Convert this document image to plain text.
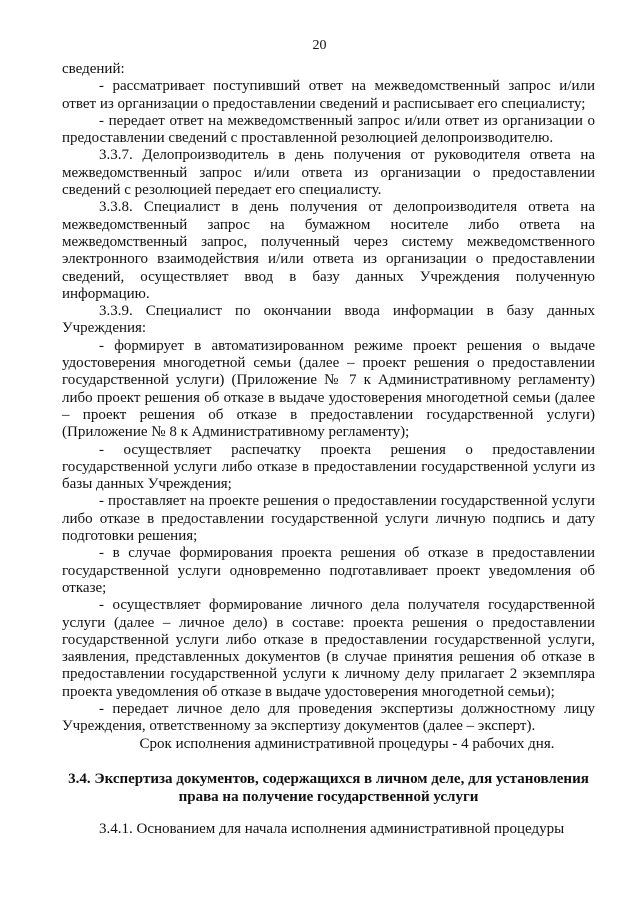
20

сведений:

- рассматривает поступивший ответ на межведомственный запрос и/или ответ из организации о предоставлении сведений и расписывает его специалисту;

- передает ответ на межведомственный запрос и/или ответ из организации о предоставлении сведений с проставленной резолюцией делопроизводителю.

3.3.7. Делопроизводитель в день получения от руководителя ответа на межведомственный запрос и/или ответа из организации о предоставлении сведений с резолюцией передает его специалисту.

3.3.8. Специалист в день получения от делопроизводителя ответа на межведомственный запрос на бумажном носителе либо ответа на межведомственный запрос, полученный через систему межведомственного электронного взаимодействия и/или ответа из организации о предоставлении сведений, осуществляет ввод в базу данных Учреждения полученную информацию.

3.3.9. Специалист по окончании ввода информации в базу данных Учреждения:

- формирует в автоматизированном режиме проект решения о выдаче удостоверения многодетной семьи (далее – проект решения о предоставлении государственной услуги) (Приложение № 7 к Административному регламенту) либо проект решения об отказе в выдаче удостоверения многодетной семьи (далее – проект решения об отказе в предоставлении государственной услуги) (Приложение № 8 к Административному регламенту);

- осуществляет распечатку проекта решения о предоставлении государственной услуги либо отказе в предоставлении государственной услуги из базы данных Учреждения;

- проставляет на проекте решения о предоставлении государственной услуги либо отказе в предоставлении государственной услуги личную подпись и дату подготовки решения;

- в случае формирования проекта решения об отказе в предоставлении государственной услуги одновременно подготавливает проект уведомления об отказе;

- осуществляет формирование личного дела получателя государственной услуги (далее – личное дело) в составе: проекта решения о предоставлении государственной услуги либо отказе в предоставлении государственной услуги, заявления, представленных документов (в случае принятия решения об отказе в предоставлении государственной услуги к личному делу прилагает 2 экземпляра проекта уведомления об отказе в выдаче удостоверения многодетной семьи);

- передает личное дело для проведения экспертизы должностному лицу Учреждения, ответственному за экспертизу документов (далее – эксперт).

Срок исполнения административной процедуры - 4 рабочих дня.

3.4. Экспертиза документов, содержащихся в личном деле, для установления права на получение государственной услуги

3.4.1. Основанием для начала исполнения административной процедуры
